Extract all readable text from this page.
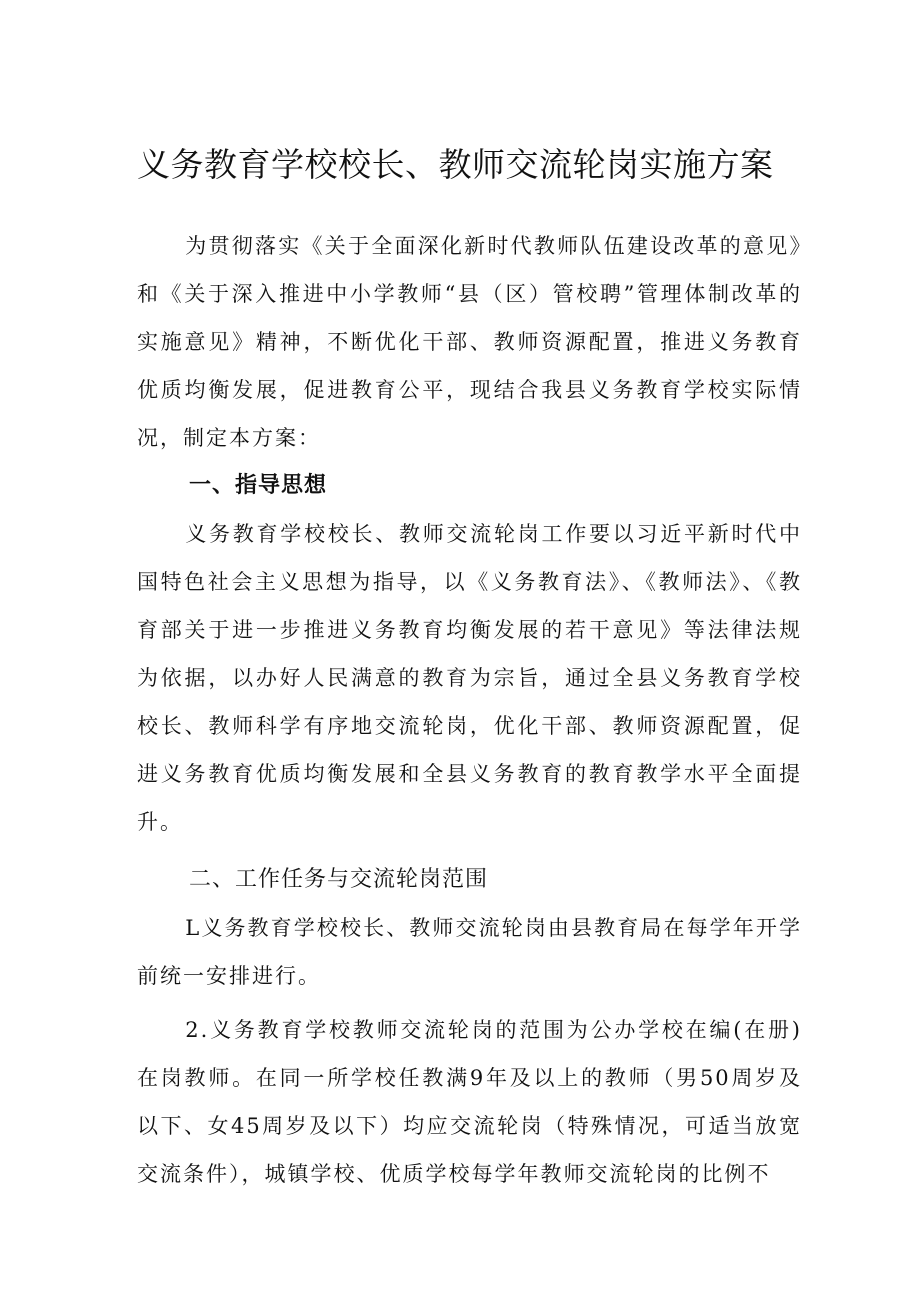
义务教育学校校长、教师交流轮岗实施方案

为贯彻落实《关于全面深化新时代教师队伍建设改革的意见》和《关于深入推进中小学教师“县（区）管校聘”管理体制改革的实施意见》精神，不断优化干部、教师资源配置，推进义务教育优质均衡发展，促进教育公平，现结合我县义务教育学校实际情况，制定本方案：

一、指导思想

义务教育学校校长、教师交流轮岗工作要以习近平新时代中国特色社会主义思想为指导，以《义务教育法》、《教师法》、《教育部关于进一步推进义务教育均衡发展的若干意见》等法律法规为依据，以办好人民满意的教育为宗旨，通过全县义务教育学校校长、教师科学有序地交流轮岗，优化干部、教师资源配置，促进义务教育优质均衡发展和全县义务教育的教育教学水平全面提升。

二、工作任务与交流轮岗范围

L义务教育学校校长、教师交流轮岗由县教育局在每学年开学前统一安排进行。

2.义务教育学校教师交流轮岗的范围为公办学校在编(在册)在岗教师。在同一所学校任教满9年及以上的教师（男50周岁及以下、女45周岁及以下）均应交流轮岗（特殊情况，可适当放宽交流条件），城镇学校、优质学校每学年教师交流轮岗的比例不
